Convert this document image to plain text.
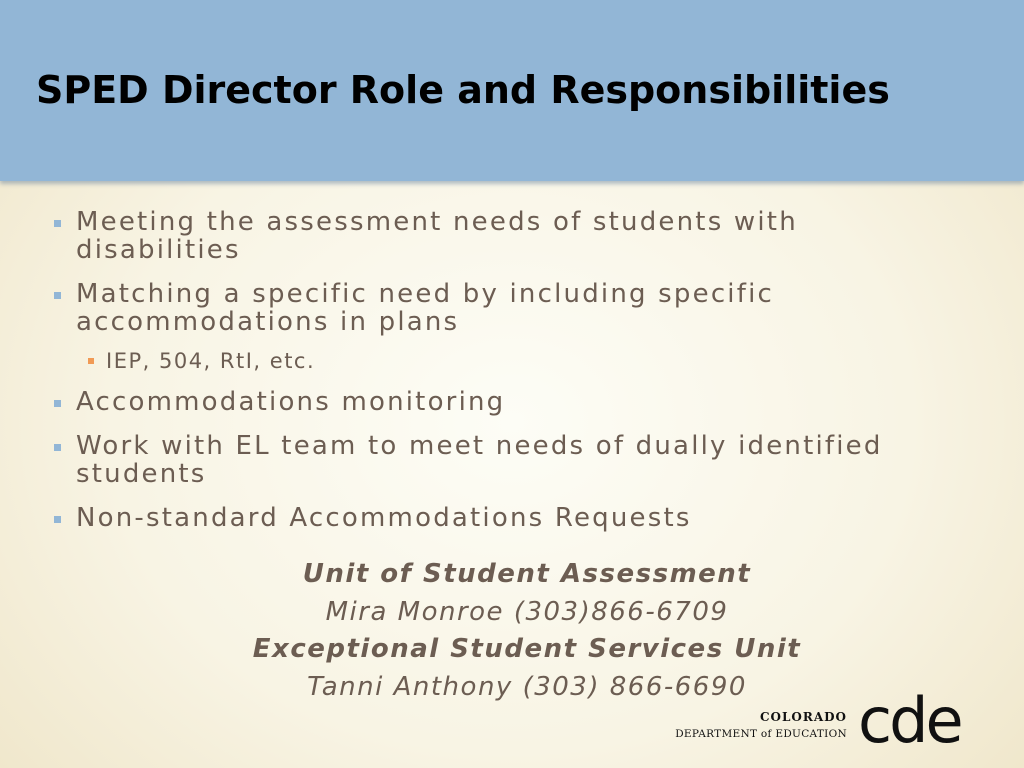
SPED Director Role and Responsibilities
Meeting the assessment needs of students with disabilities
Matching a specific need by including specific accommodations in plans
IEP, 504, RtI, etc.
Accommodations monitoring
Work with EL team to meet needs of dually identified students
Non-standard Accommodations Requests
Unit of Student Assessment
Mira Monroe (303)866-6709
Exceptional Student Services Unit
Tanni Anthony (303) 866-6690
COLORADO
DEPARTMENT of EDUCATION cde
